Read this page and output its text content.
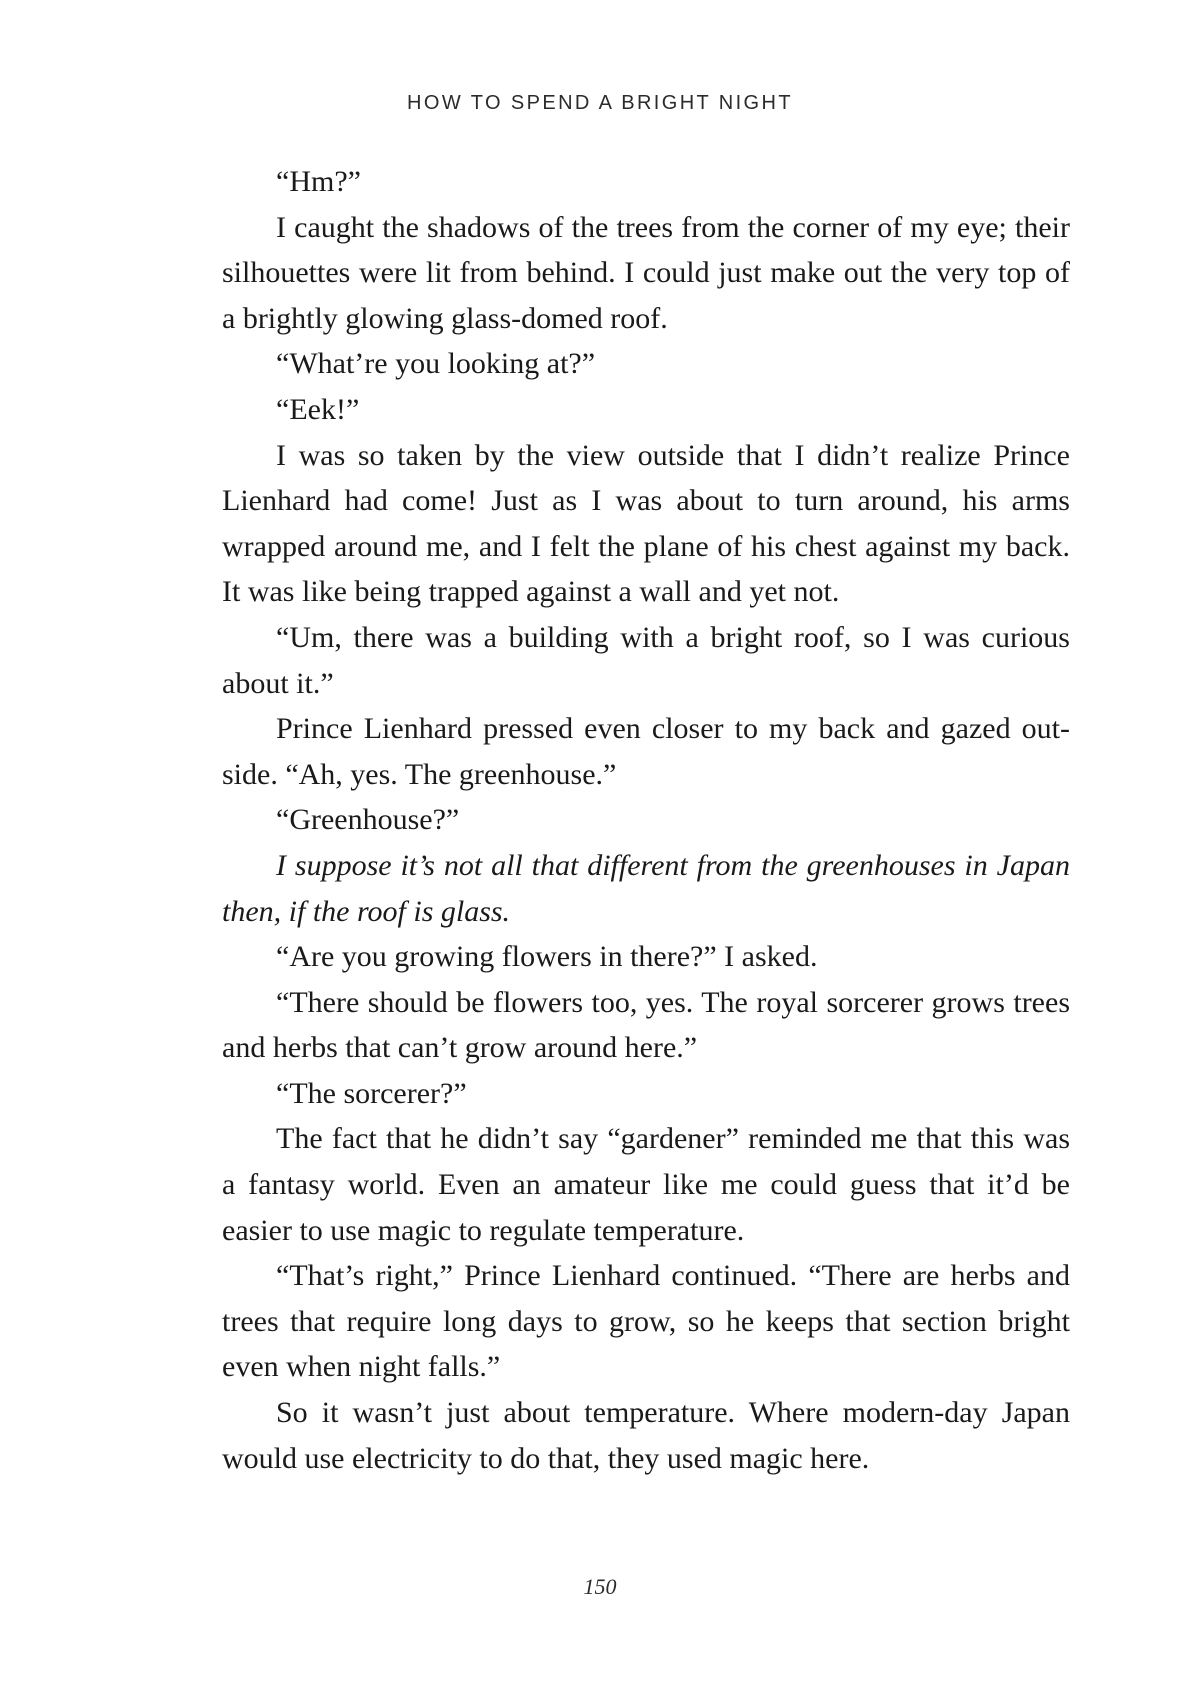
HOW TO SPEND A BRIGHT NIGHT

“Hm?”

I caught the shadows of the trees from the corner of my eye; their silhouettes were lit from behind. I could just make out the very top of a brightly glowing glass-domed roof.

“What’re you looking at?”

“Eek!”

I was so taken by the view outside that I didn’t realize Prince Lienhard had come! Just as I was about to turn around, his arms wrapped around me, and I felt the plane of his chest against my back. It was like being trapped against a wall and yet not.

“Um, there was a building with a bright roof, so I was curious about it.”

Prince Lienhard pressed even closer to my back and gazed out-side. “Ah, yes. The greenhouse.”

“Greenhouse?”

I suppose it’s not all that different from the greenhouses in Japan then, if the roof is glass.

“Are you growing flowers in there?” I asked.

“There should be flowers too, yes. The royal sorcerer grows trees and herbs that can’t grow around here.”

“The sorcerer?”

The fact that he didn’t say “gardener” reminded me that this was a fantasy world. Even an amateur like me could guess that it’d be easier to use magic to regulate temperature.

“That’s right,” Prince Lienhard continued. “There are herbs and trees that require long days to grow, so he keeps that section bright even when night falls.”

So it wasn’t just about temperature. Where modern-day Japan would use electricity to do that, they used magic here.

150
